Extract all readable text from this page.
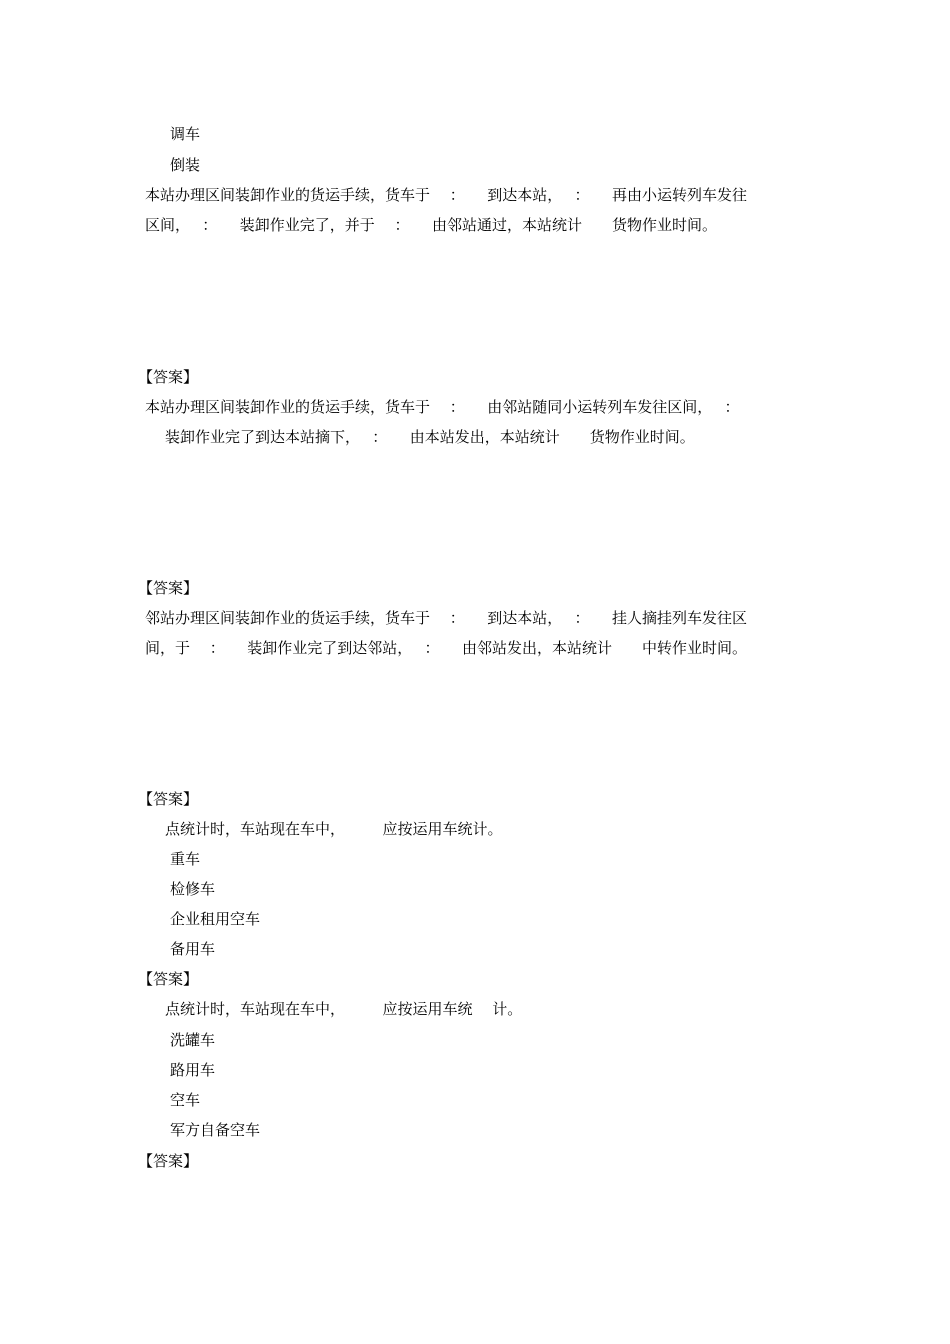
调车
倒装
本站办理区间装卸作业的货运手续，货车于　 ：　　到达本站，　 ：　　再由小运转列车发往
区间，　 ：　　装卸作业完了，并于　 ：　　由邻站通过，本站统计　　货物作业时间。
【答案】
本站办理区间装卸作业的货运手续，货车于　 ：　　由邻站随同小运转列车发往区间，　 ：
装卸作业完了到达本站摘下，　 ：　　由本站发出，本站统计　　货物作业时间。
【答案】
邻站办理区间装卸作业的货运手续，货车于　 ：　　到达本站，　 ：　　挂人摘挂列车发往区
间，于　 ：　　装卸作业完了到达邻站，　 ：　　由邻站发出，本站统计　　中转作业时间。
【答案】
点统计时，车站现在车中，　　　应按运用车统计。
重车
检修车
企业租用空车
备用车
【答案】
点统计时，车站现在车中，　　　应按运用车统　 计。
洗罐车
路用车
空车
军方自备空车
【答案】
